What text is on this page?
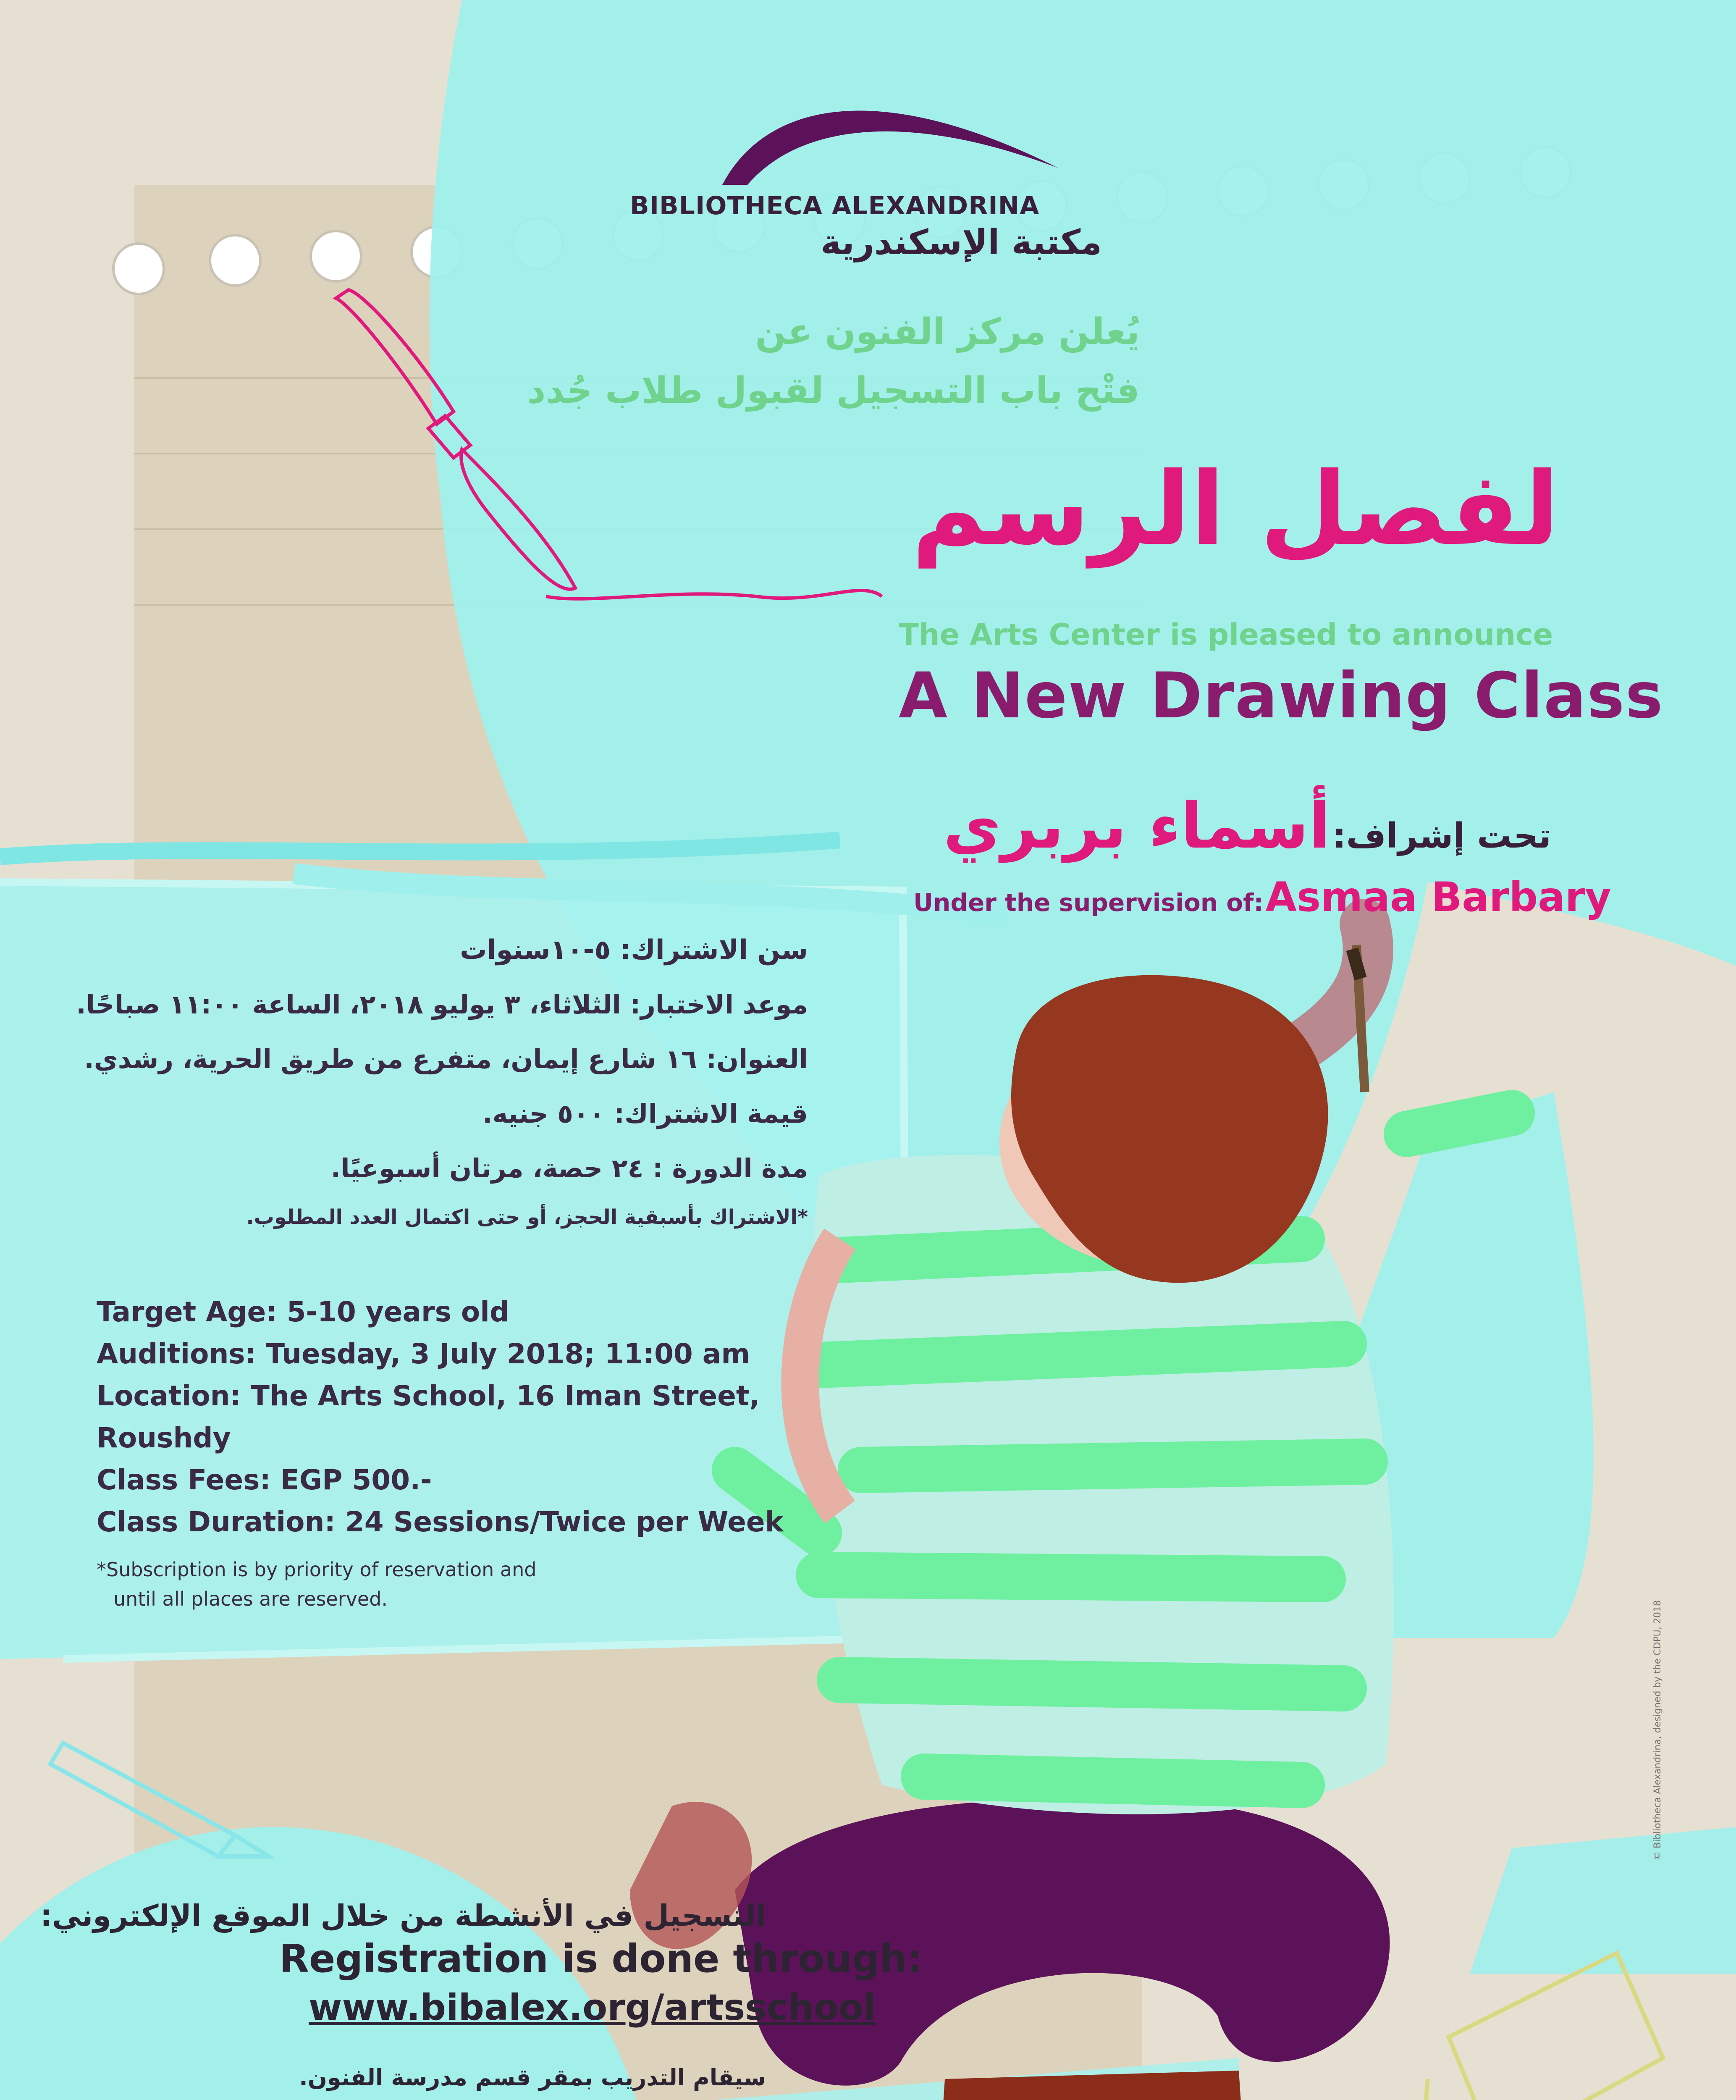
BIBLIOTHECA ALEXANDRINA
مكتبة الإسكندرية
يُعلن مركز الفنون عن
فتْح باب التسجيل لقبول طلاب جُدد
لفصل الرسم
The Arts Center is pleased to announce
A New Drawing Class
تحت إشراف: أسماء بربري
Under the supervision of: Asmaa Barbary
سن الاشتراك: ٥-١٠سنوات
موعد الاختبار: الثلاثاء، ٣ يوليو ٢٠١٨، الساعة ١١:٠٠ صباحًا.
العنوان: ١٦ شارع إيمان، متفرع من طريق الحرية، رشدي.
قيمة الاشتراك: ٥٠٠ جنيه.
مدة الدورة : ٢٤ حصة، مرتان أسبوعيًا.
*الاشتراك بأسبقية الحجز، أو حتى اكتمال العدد المطلوب.
Target Age: 5-10 years old
Auditions: Tuesday, 3 July 2018; 11:00 am
Location: The Arts School, 16 Iman Street,
Roushdy
Class Fees: EGP 500.-
Class Duration: 24 Sessions/Twice per Week
*Subscription is by priority of reservation and
until all places are reserved.
التسجيل في الأنشطة من خلال الموقع الإلكتروني:
Registration is done through:
www.bibalex.org/artsschool
سيقام التدريب بمقر قسم مدرسة الفنون.
© Bibliotheca Alexandrina, designed by the CDPU, 2018
